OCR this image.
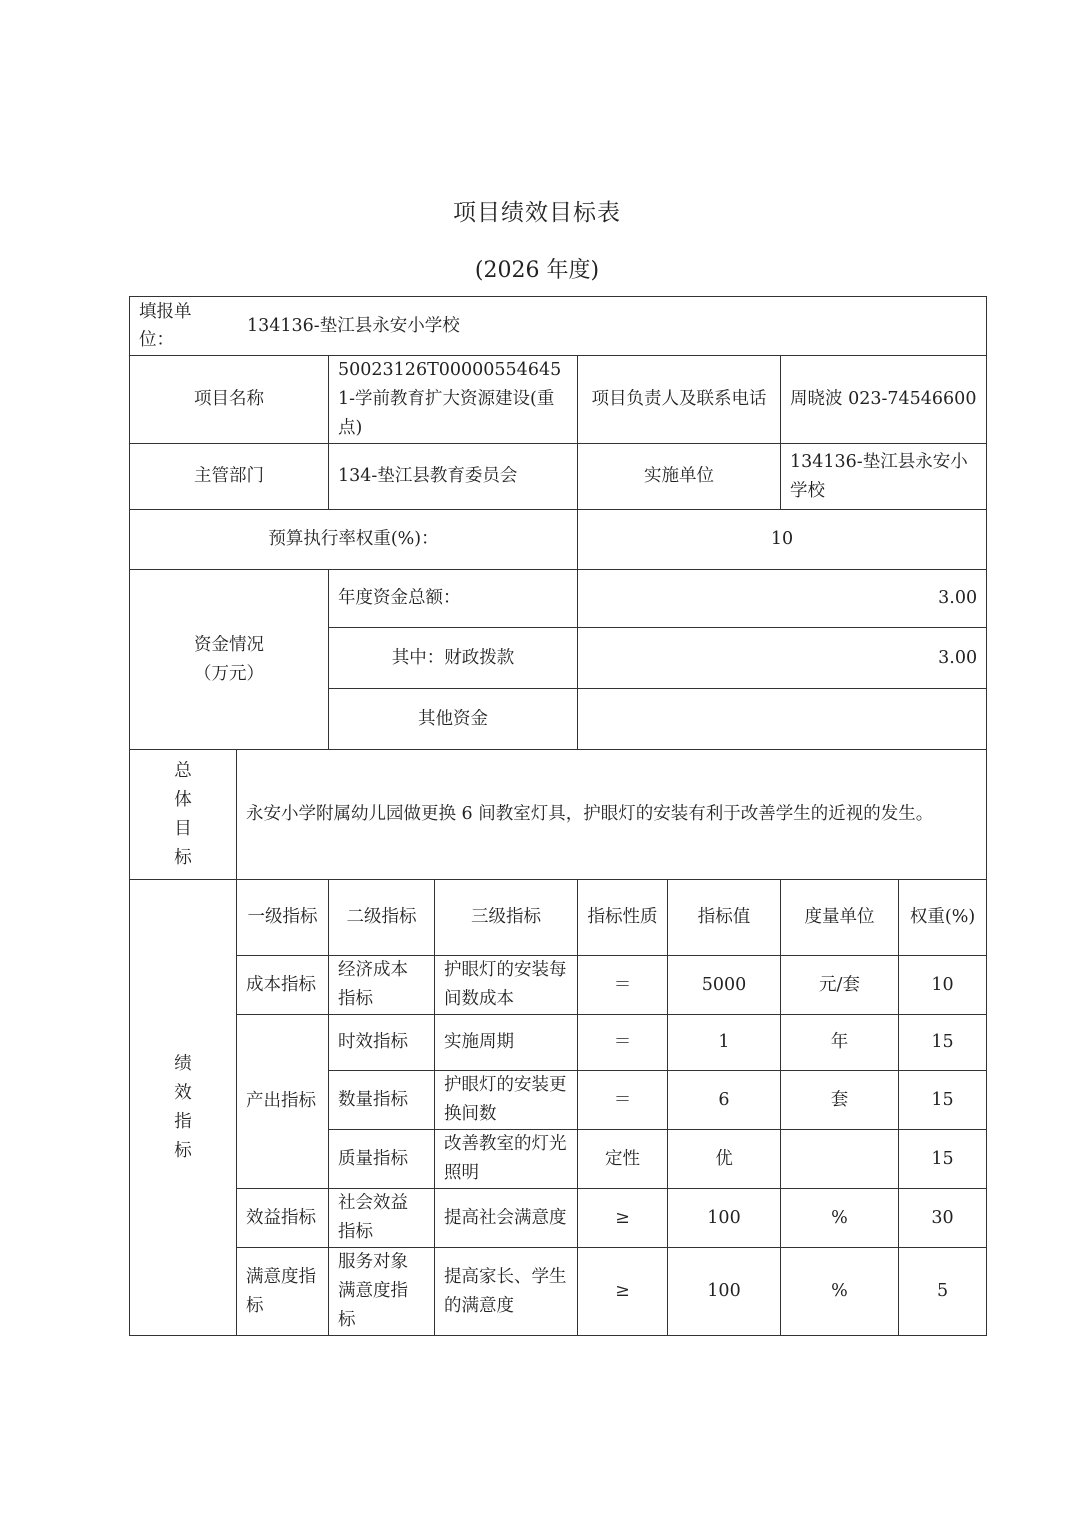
项目绩效目标表
(2026 年度)
填报单位：
134136-垫江县永安小学校							

项目名称		50023126T000005546451-学前教育扩大资源建设(重点)		项目负责人及联系电话		周晓波 023-74546600	
主管部门		134-垫江县教育委员会		实施单位		134136-垫江县永安小学校	
预算执行率权重(%)：				10			

资金情况
（万元）		年度资金总额：		3.00			
		其中：财政拨款		3.00			
		其他资金					

总
体
目
标	永安小学附属幼儿园做更换 6 间教室灯具，护眼灯的安装有利于改善学生的近视的发生。						

绩
效
指
标	一级指标	二级指标	三级指标	指标性质	指标值	度量单位	权重(%)
	成本指标	经济成本指标	护眼灯的安装每间数成本	＝	5000	元/套	10
	产出指标	时效指标	实施周期	＝	1	年	15
		数量指标	护眼灯的安装更换间数	＝	6	套	15
		质量指标	改善教室的灯光照明	定性	优		15
	效益指标	社会效益指标	提高社会满意度	≥	100	%	30
	满意度指标	服务对象满意度指标	提高家长、学生的满意度	≥	100	%	5
